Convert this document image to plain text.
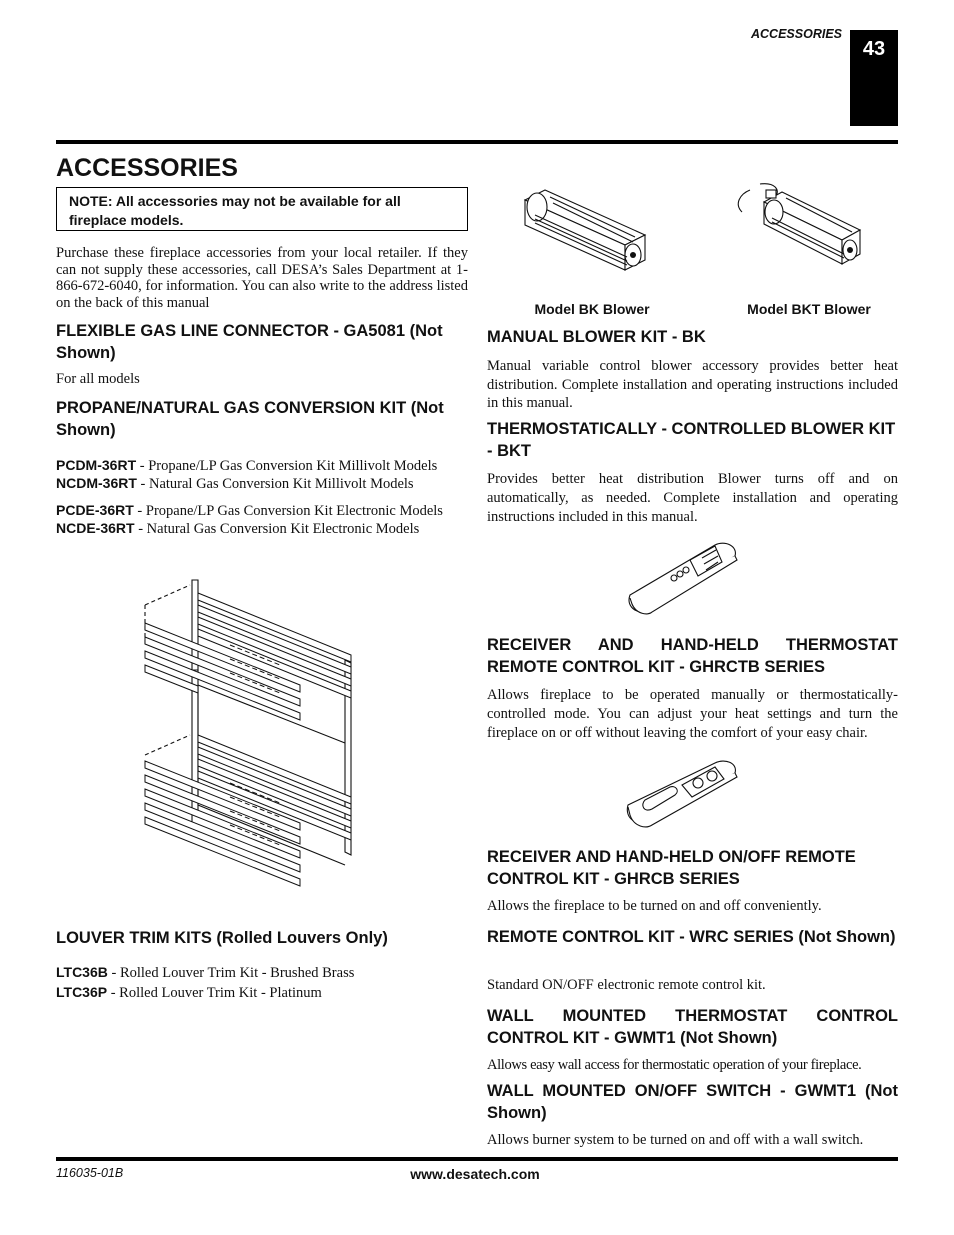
ACCESSORIES
43
ACCESSORIES
NOTE: All accessories may not be available for all fireplace models.
Purchase these fireplace accessories from your local retailer. If they can not supply these accessories, call DESA’s Sales Department at 1-866-672-6040, for information. You can also write to the address listed on the back of this manual
FLEXIBLE GAS LINE CONNECTOR - GA5081 (Not Shown)
For all models
PROPANE/NATURAL GAS CONVERSION KIT (Not Shown)
PCDM-36RT - Propane/LP Gas Conversion Kit Millivolt Models
NCDM-36RT - Natural Gas Conversion Kit Millivolt Models
PCDE-36RT - Propane/LP Gas Conversion Kit Electronic Models
NCDE-36RT - Natural Gas Conversion Kit Electronic Models
LOUVER TRIM KITS (Rolled Louvers Only)
LTC36B - Rolled Louver Trim Kit - Brushed Brass
LTC36P - Rolled Louver Trim Kit - Platinum
Model BK Blower	Model BKT Blower
MANUAL BLOWER KIT - BK
Manual variable control blower accessory provides better heat distribution. Complete installation and operating instructions included in this manual.
THERMOSTATICALLY - CONTROLLED BLOWER KIT - BKT
Provides better heat distribution Blower turns off and on automatically, as needed. Complete installation and operating instructions included in this manual.
RECEIVER AND HAND-HELD THERMOSTAT REMOTE CONTROL KIT - GHRCTB SERIES
Allows fireplace to be operated manually or thermostatically-controlled mode. You can adjust your heat settings and turn the fireplace on or off without leaving the comfort of your easy chair.
RECEIVER AND HAND-HELD ON/OFF REMOTE CONTROL KIT - GHRCB SERIES
Allows the fireplace to be turned on and off conveniently.
REMOTE CONTROL KIT - WRC SERIES (Not Shown)
Standard ON/OFF electronic remote control kit.
WALL MOUNTED THERMOSTAT CONTROL CONTROL KIT - GWMT1 (Not Shown)
Allows easy wall access for thermostatic operation of your fireplace.
WALL MOUNTED ON/OFF SWITCH - GWMT1 (Not Shown)
Allows burner system to be turned on and off with a wall switch.
116035-01B	www.desatech.com
